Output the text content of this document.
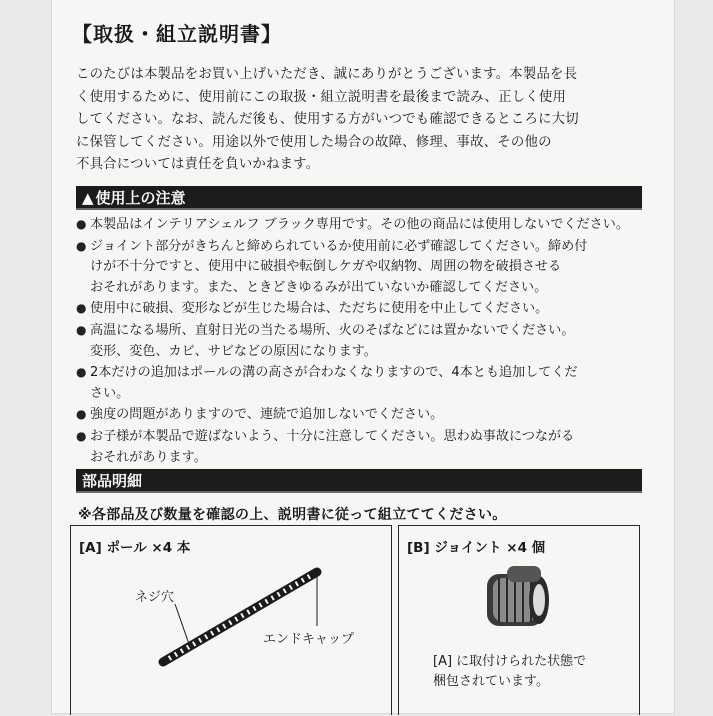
【取扱・組立説明書】
このたびは本製品をお買い上げいただき、誠にありがとうございます。本製品を長
く使用するために、使用前にこの取扱・組立説明書を最後まで読み、正しく使用
してください。なお、読んだ後も、使用する方がいつでも確認できるところに大切
に保管してください。用途以外で使用した場合の故障、修理、事故、その他の
不具合については責任を負いかねます。
▲ 使用上の注意
● 本製品はインテリアシェルフ ブラック専用です。その他の商品には使用しないでください。
● ジョイント部分がきちんと締められているか使用前に必ず確認してください。締め付
けが不十分ですと、使用中に破損や転倒しケガや収納物、周囲の物を破損させる
おそれがあります。また、ときどきゆるみが出ていないか確認してください。
● 使用中に破損、変形などが生じた場合は、ただちに使用を中止してください。
● 高温になる場所、直射日光の当たる場所、火のそばなどには置かないでください。
変形、変色、カビ、サビなどの原因になります。
● 2本だけの追加はポールの溝の高さが合わなくなりますので、4本とも追加してくだ
さい。
● 強度の問題がありますので、連続で追加しないでください。
● お子様が本製品で遊ばないよう、十分に注意してください。思わぬ事故につながる
おそれがあります。
部品明細
※各部品及び数量を確認の上、説明書に従って組立ててください。
[A] ポール ×4 本
ネジ穴
エンドキャップ
[B] ジョイント ×4 個
[A] に取付けられた状態で
梱包されています。
